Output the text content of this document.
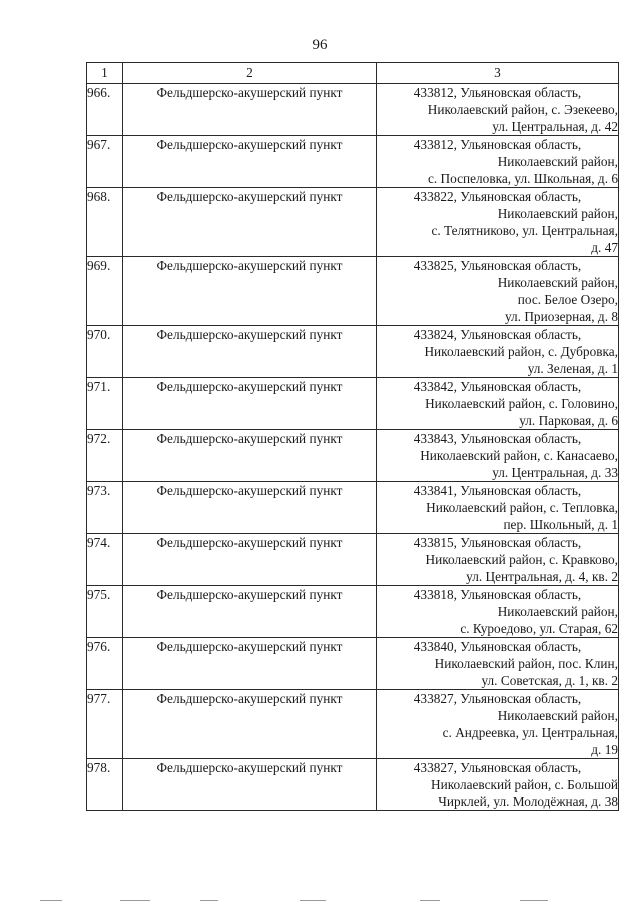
96
1	2	3
966.	Фельдшерско-акушерский пункт	433812, Ульяновская область,
Николаевский район, с. Эзекеево,
ул. Центральная, д. 42

967.	Фельдшерско-акушерский пункт	433812, Ульяновская область,
Николаевский район,
с. Поспеловка, ул. Школьная, д. 6

968.	Фельдшерско-акушерский пункт	433822, Ульяновская область,
Николаевский район,
с. Телятниково, ул. Центральная,
д. 47

969.	Фельдшерско-акушерский пункт	433825, Ульяновская область,
Николаевский район,
пос. Белое Озеро,
ул. Приозерная, д. 8

970.	Фельдшерско-акушерский пункт	433824, Ульяновская область,
Николаевский район, с. Дубровка,
ул. Зеленая, д. 1

971.	Фельдшерско-акушерский пункт	433842, Ульяновская область,
Николаевский район, с. Головино,
ул. Парковая, д. 6

972.	Фельдшерско-акушерский пункт	433843, Ульяновская область,
Николаевский район, с. Канасаево,
ул. Центральная, д. 33

973.	Фельдшерско-акушерский пункт	433841, Ульяновская область,
Николаевский район, с. Тепловка,
пер. Школьный, д. 1

974.	Фельдшерско-акушерский пункт	433815, Ульяновская область,
Николаевский район, с. Кравково,
ул. Центральная, д. 4, кв. 2

975.	Фельдшерско-акушерский пункт	433818, Ульяновская область,
Николаевский район,
с. Куроедово, ул. Старая, 62

976.	Фельдшерско-акушерский пункт	433840, Ульяновская область,
Николаевский район, пос. Клин,
ул. Советская, д. 1, кв. 2

977.	Фельдшерско-акушерский пункт	433827, Ульяновская область,
Николаевский район,
с. Андреевка, ул. Центральная,
д. 19

978.	Фельдшерско-акушерский пункт	433827, Ульяновская область,
Николаевский район, с. Большой
Чирклей, ул. Молодёжная, д. 38
